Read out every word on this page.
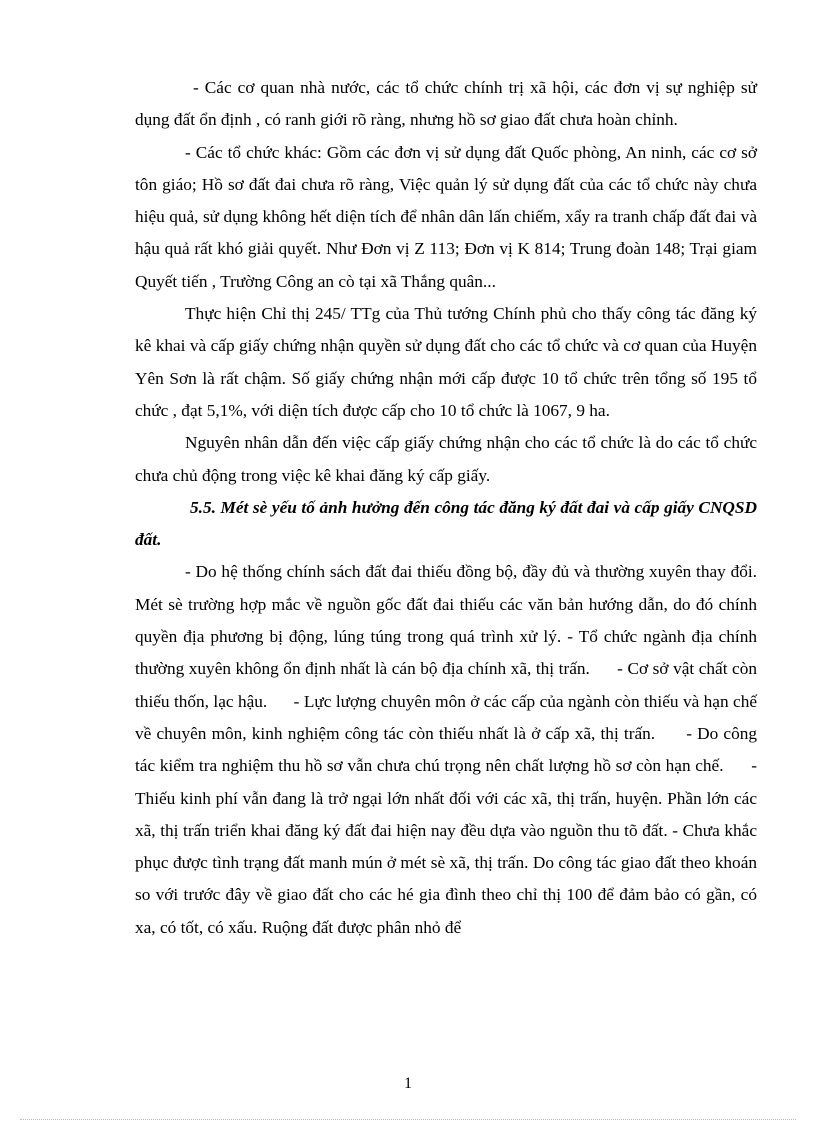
- Các cơ quan nhà nước, các tổ chức chính trị xã hội, các đơn vị sự nghiệp sử dụng đất ổn định , có ranh giới rõ ràng, nhưng hồ sơ giao đất chưa hoàn chỉnh.

- Các tổ chức khác: Gồm các đơn vị sử dụng đất Quốc phòng, An ninh, các cơ sở tôn giáo; Hồ sơ đất đai chưa rõ ràng, Việc quản lý sử dụng đất của các tổ chức này chưa hiệu quả, sử dụng không hết diện tích để nhân dân lấn chiếm, xẩy ra tranh chấp đất đai và hậu quả rất khó giải quyết. Như Đơn vị Z 113; Đơn vị K 814; Trung đoàn 148; Trại giam Quyết tiến , Trường Công an cò tại xã Thắng quân...

Thực hiện Chỉ thị 245/ TTg của Thủ tướng Chính phủ cho thấy công tác đăng ký kê khai và cấp giấy chứng nhận quyền sử dụng đất cho các tổ chức và cơ quan của Huyện Yên Sơn là rất chậm. Số giấy chứng nhận mới cấp được 10 tổ chức trên tổng số 195 tổ chức , đạt 5,1%, với diện tích được cấp cho 10 tổ chức là 1067, 9 ha.

Nguyên nhân dẫn đến việc cấp giấy chứng nhận cho các tổ chức là do các tổ chức chưa chủ động trong việc kê khai đăng ký cấp giấy.

5.5. Mét sè yếu tố ảnh hưởng đến công tác đăng ký đất đai và cấp giấy CNQSD đất.

- Do hệ thống chính sách đất đai thiếu đồng bộ, đầy đủ và thường xuyên thay đổi. Mét sè trường hợp mắc về nguồn gốc đất đai thiếu các văn bản hướng dẫn, do đó chính quyền địa phương bị động, lúng túng trong quá trình xử lý. - Tổ chức ngành địa chính thường xuyên không ổn định nhất là cán bộ địa chính xã, thị trấn. - Cơ sở vật chất còn thiếu thốn, lạc hậu. - Lực lượng chuyên môn ở các cấp của ngành còn thiếu và hạn chế về chuyên môn, kinh nghiệm công tác còn thiếu nhất là ở cấp xã, thị trấn. - Do công tác kiểm tra nghiệm thu hồ sơ vẫn chưa chú trọng nên chất lượng hồ sơ còn hạn chế. - Thiếu kinh phí vẫn đang là trở ngại lớn nhất đối với các xã, thị trấn, huyện. Phần lớn các xã, thị trấn triển khai đăng ký đất đai hiện nay đều dựa vào nguồn thu tõ đất. - Chưa khắc phục được tình trạng đất manh mún ở mét sè xã, thị trấn. Do công tác giao đất theo khoán so với trước đây về giao đất cho các hé gia đình theo chỉ thị 100 để đảm bảo có gần, có xa, có tốt, có xấu. Ruộng đất được phân nhỏ để

1
